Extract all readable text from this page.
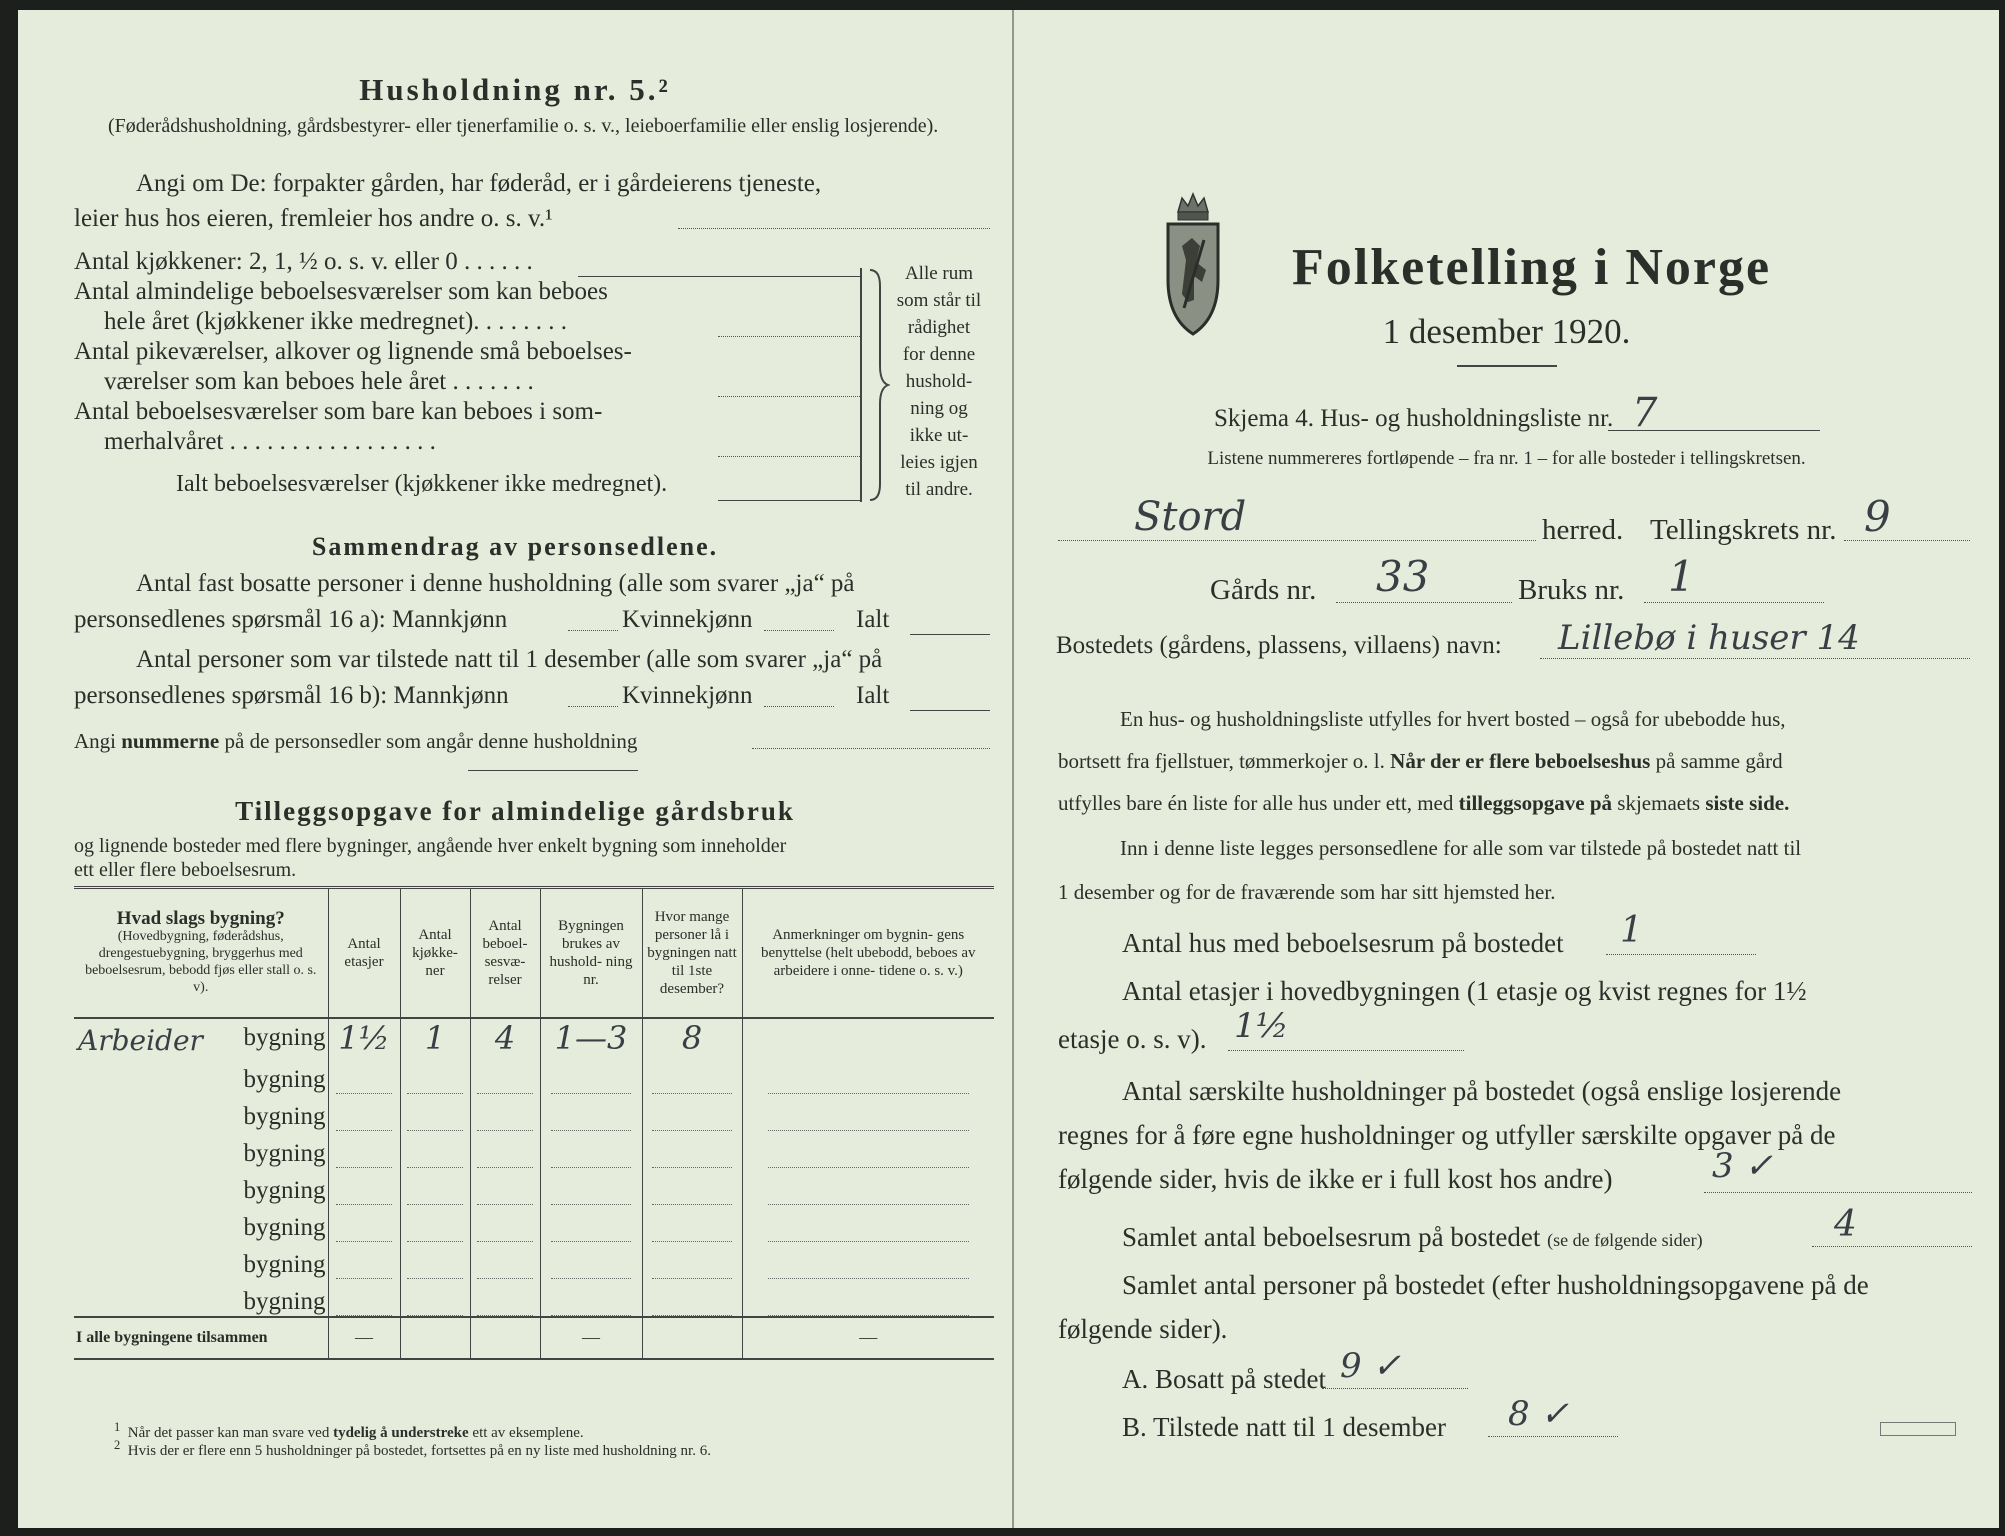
Husholdning nr. 5.²
(Føderådshusholdning, gårdsbestyrer- eller tjenerfamilie o. s. v., leieboerfamilie eller enslig losjerende).
Angi om De: forpakter gården, har føderåd, er i gårdeierens tjeneste,
leier hus hos eieren, fremleier hos andre o. s. v.¹
Antal kjøkkener: 2, 1, ½ o. s. v. eller 0 . . . . . .
Antal almindelige beboelsesværelser som kan beboes
hele året (kjøkkener ikke medregnet). . . . . . . .
Antal pikeværelser, alkover og lignende små beboelses-
værelser som kan beboes hele året . . . . . . .
Antal beboelsesværelser som bare kan beboes i som-
merhalvåret . . . . . . . . . . . . . . . . .
Ialt beboelsesværelser (kjøkkener ikke medregnet).
Alle rum
som står til
rådighet
for denne
hushold-
ning og
ikke ut-
leies igjen
til andre.
Sammendrag av personsedlene.
Antal fast bosatte personer i denne husholdning (alle som svarer „ja“ på
personsedlenes spørsmål 16 a): Mannkjønn	Kvinnekjønn	Ialt
Antal personer som var tilstede natt til 1 desember (alle som svarer „ja“ på
personsedlenes spørsmål 16 b): Mannkjønn	Kvinnekjønn	Ialt
Angi nummerne på de personsedler som angår denne husholdning
Tilleggsopgave for almindelige gårdsbruk
og lignende bosteder med flere bygninger, angående hver enkelt bygning som inneholder
ett eller flere beboelsesrum.
Hvad slags bygning?
(Hovedbygning, føderådshus, drengestuebygning, bryggerhus med beboelsesrum, bebodd fjøs eller stall o. s. v).	Antal etasjer	Antal kjøkke- ner	Antal beboel- sesvæ- relser	Bygningen brukes av hushold- ning nr.	Hvor mange personer lå i bygningen natt til 1ste desember?	Anmerkninger om bygnin- gens benyttelse (helt ubebodd, beboes av arbeidere i onne- tidene o. s. v.)

Arbeider bygning	1½	1	4	1—3	8	
bygning	

bygning	

bygning	

bygning	

bygning	

bygning	

bygning	

I alle bygningene tilsammen	—			—		—
$^1$ Når det passer kan man svare ved tydelig å understreke ett av eksemplene.
$^2$ Hvis der er flere enn 5 husholdninger på bostedet, fortsettes på en ny liste med husholdning nr. 6.
Folketelling i Norge
1 desember 1920.
Skjema 4. Hus- og husholdningsliste nr. 7
Listene nummereres fortløpende – fra nr. 1 – for alle bosteder i tellingskretsen.
Stord	herred. Tellingskrets nr. 9
Gårds nr. 33	Bruks nr. 1
Bostedets (gårdens, plassens, villaens) navn: Lillebø i huser 14
En hus- og husholdningsliste utfylles for hvert bosted – også for ubebodde hus,
bortsett fra fjellstuer, tømmerkojer o. l. Når der er flere beboelseshus på samme gård
utfylles bare én liste for alle hus under ett, med tilleggsopgave på skjemaets siste side.
Inn i denne liste legges personsedlene for alle som var tilstede på bostedet natt til
1 desember og for de fraværende som har sitt hjemsted her.
Antal hus med beboelsesrum på bostedet 1
Antal etasjer i hovedbygningen (1 etasje og kvist regnes for 1½
etasje o. s. v). 1½
Antal særskilte husholdninger på bostedet (også enslige losjerende
regnes for å føre egne husholdninger og utfyller særskilte opgaver på de
følgende sider, hvis de ikke er i full kost hos andre)	3 ✓
Samlet antal beboelsesrum på bostedet (se de følgende sider)	4
Samlet antal personer på bostedet (efter husholdningsopgavene på de
følgende sider).
A. Bosatt på stedet 9 ✓
B. Tilstede natt til 1 desember 8 ✓
